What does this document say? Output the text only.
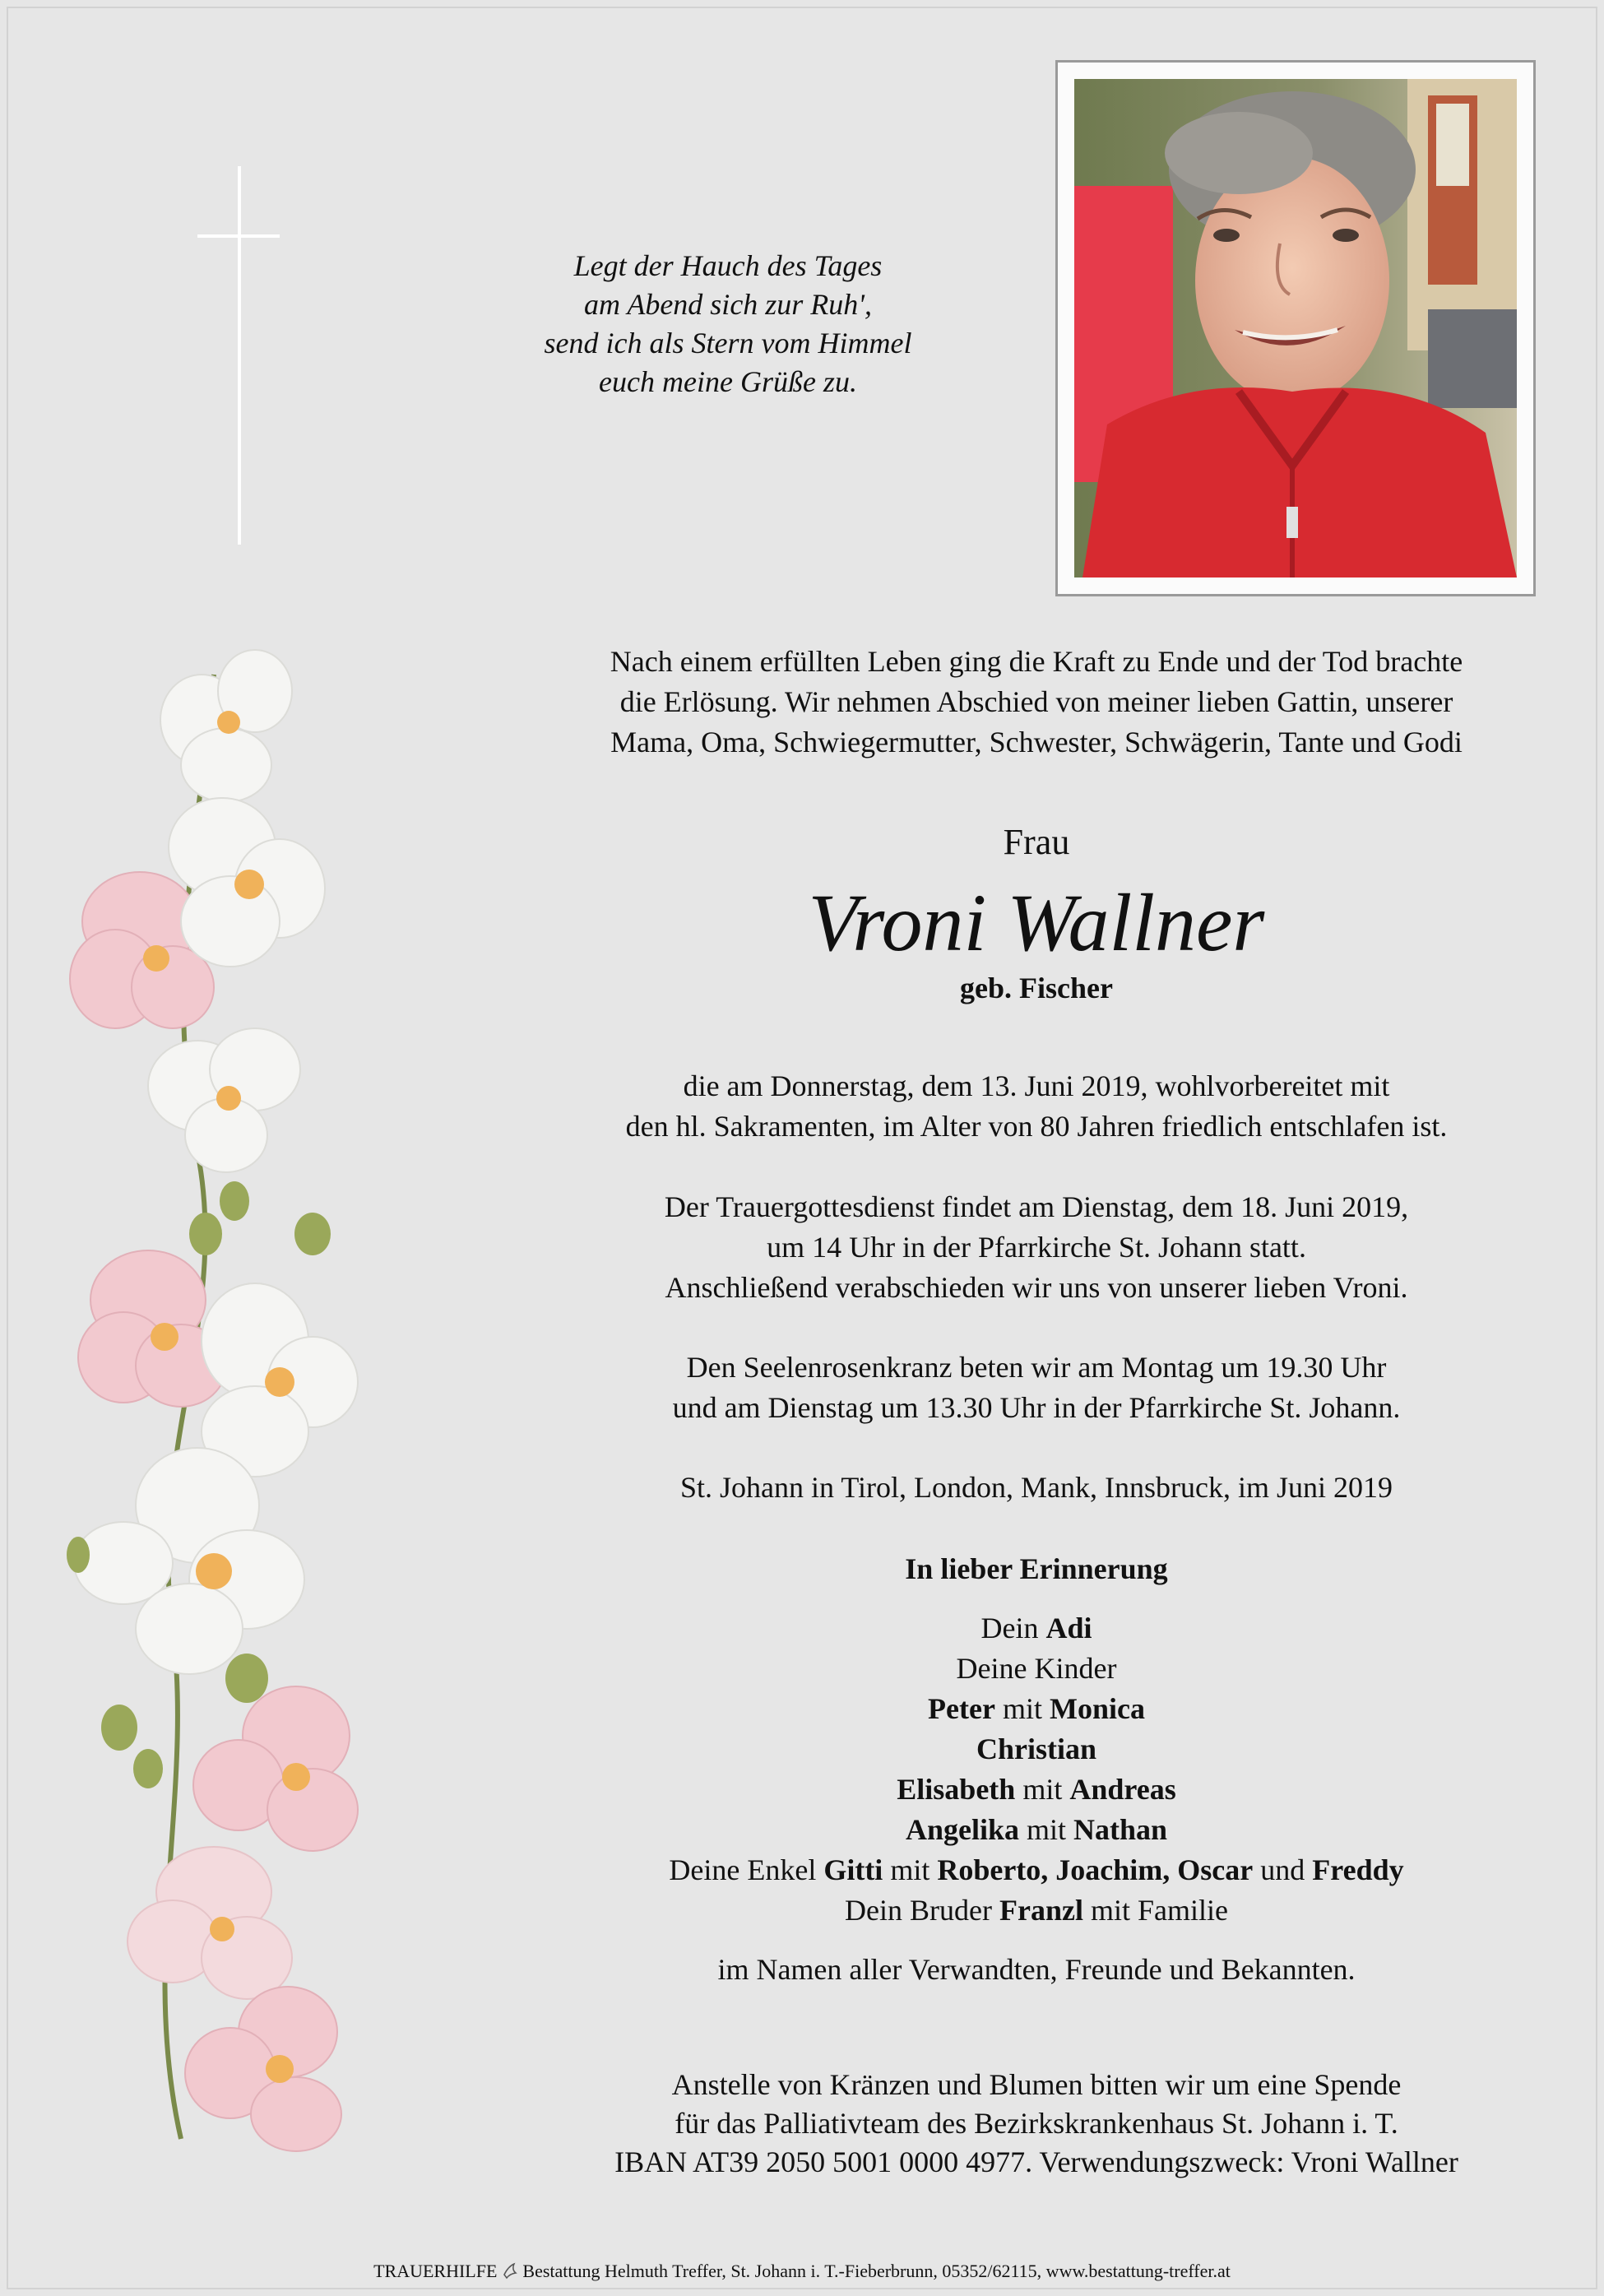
Legt der Hauch des Tages
am Abend sich zur Ruh',
send ich als Stern vom Himmel
euch meine Grüße zu.
Nach einem erfüllten Leben ging die Kraft zu Ende und der Tod brachte
die Erlösung. Wir nehmen Abschied von meiner lieben Gattin, unserer
Mama, Oma, Schwiegermutter, Schwester, Schwägerin, Tante und Godi
Frau
Vroni Wallner
geb. Fischer
die am Donnerstag, dem 13. Juni 2019, wohlvorbereitet mit
den hl. Sakramenten, im Alter von 80 Jahren friedlich entschlafen ist.
Der Trauergottesdienst findet am Dienstag, dem 18. Juni 2019,
um 14 Uhr in der Pfarrkirche St. Johann statt.
Anschließend verabschieden wir uns von unserer lieben Vroni.
Den Seelenrosenkranz beten wir am Montag um 19.30 Uhr
und am Dienstag um 13.30 Uhr in der Pfarrkirche St. Johann.
St. Johann in Tirol, London, Mank, Innsbruck, im Juni 2019
In lieber Erinnerung
Dein Adi
Deine Kinder
Peter mit Monica
Christian
Elisabeth mit Andreas
Angelika mit Nathan
Deine Enkel Gitti mit Roberto, Joachim, Oscar und Freddy
Dein Bruder Franzl mit Familie
im Namen aller Verwandten, Freunde und Bekannten.
Anstelle von Kränzen und Blumen bitten wir um eine Spende
für das Palliativteam des Bezirkskrankenhaus St. Johann i. T.
IBAN AT39 2050 5001 0000 4977. Verwendungszweck: Vroni Wallner
TRAUERHILFE Bestattung Helmuth Treffer, St. Johann i. T.-Fieberbrunn, 05352/62115, www.bestattung-treffer.at
